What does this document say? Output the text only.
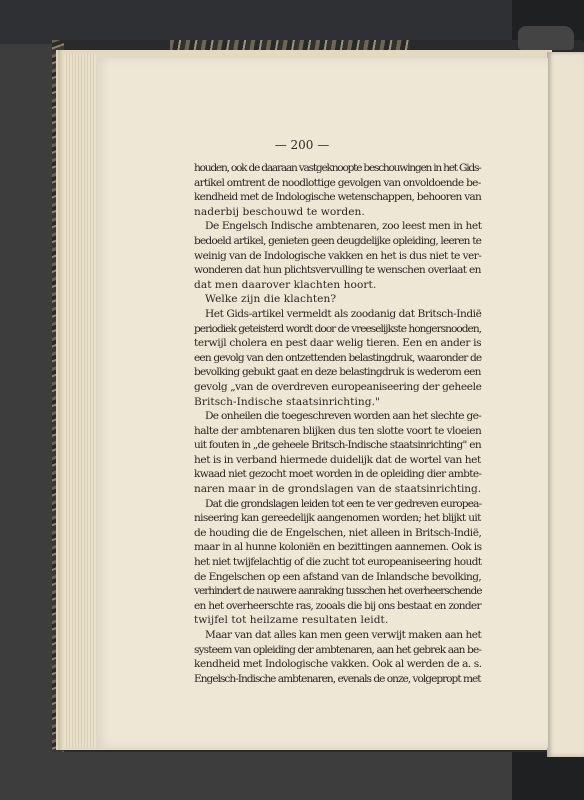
— 200 —
houden, ook de daaraan vastgeknoopte beschouwingen in het Gids-
artikel omtrent de noodlottige gevolgen van onvoldoende be-
kendheid met de Indologische wetenschappen, behooren van
naderbij beschouwd te worden.
De Engelsch Indische ambtenaren, zoo leest men in het
bedoeld artikel, genieten geen deugdelijke opleiding, leeren te
weinig van de Indologische vakken en het is dus niet te ver-
wonderen dat hun plichtsvervulling te wenschen overlaat en
dat men daarover klachten hoort.
Welke zijn die klachten?
Het Gids-artikel vermeldt als zoodanig dat Britsch-Indië
periodiek geteisterd wordt door de vreeselijkste hongersnooden,
terwijl cholera en pest daar welig tieren. Een en ander is
een gevolg van den ontzettenden belastingdruk, waaronder de
bevolking gebukt gaat en deze belastingdruk is wederom een
gevolg „van de overdreven europeaniseering der geheele
Britsch-Indische staatsinrichting."
De onheilen die toegeschreven worden aan het slechte ge-
halte der ambtenaren blijken dus ten slotte voort te vloeien
uit fouten in „de geheele Britsch-Indische staatsinrichting" en
het is in verband hiermede duidelijk dat de wortel van het
kwaad niet gezocht moet worden in de opleiding dier ambte-
naren maar in de grondslagen van de staatsinrichting.
Dat die grondslagen leiden tot een te ver gedreven europea-
niseering kan gereedelijk aangenomen worden; het blijkt uit
de houding die de Engelschen, niet alleen in Britsch-Indië,
maar in al hunne koloniën en bezittingen aannemen. Ook is
het niet twijfelachtig of die zucht tot europeaniseering houdt
de Engelschen op een afstand van de Inlandsche bevolking,
verhindert de nauwere aanraking tusschen het overheerschende
en het overheerschte ras, zooals die bij ons bestaat en zonder
twijfel tot heilzame resultaten leidt.
Maar van dat alles kan men geen verwijt maken aan het
systeem van opleiding der ambtenaren, aan het gebrek aan be-
kendheid met Indologische vakken. Ook al werden de a. s.
Engelsch-Indische ambtenaren, evenals de onze, volgepropt met
